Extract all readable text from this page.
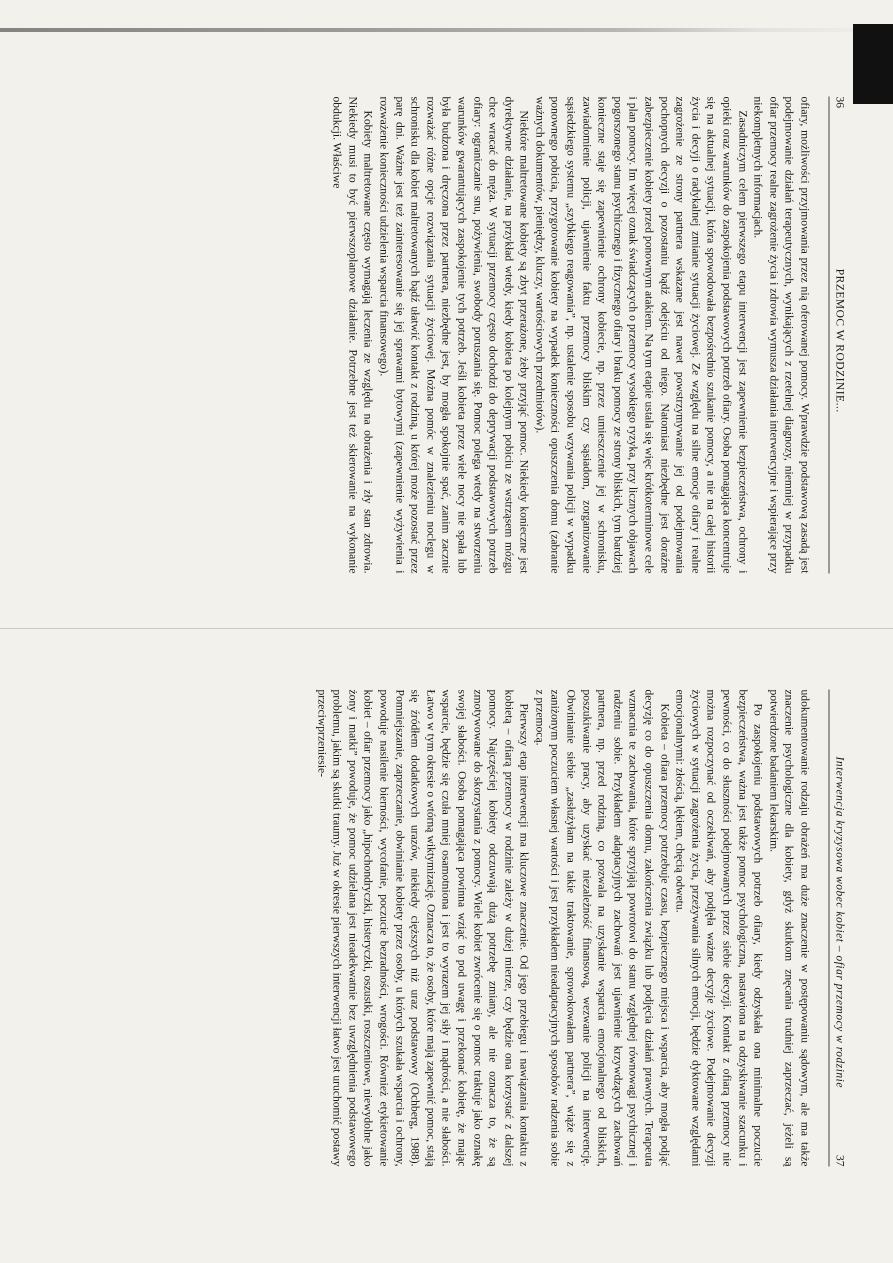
36
PRZEMOC W RODZINIE...

ofiary, możliwości przyjmowania przez nią oferowanej pomocy. Wprawdzie podstawową zasadą jest podejmowanie działań terapeutycznych, wynikających z rzetelnej diagnozy, niemniej w przypadku ofiar przemocy realne zagrożenie życia i zdrowia wymusza działania interwencyjne i wspierające przy niekompletnych informacjach.

Zasadniczym celem pierwszego etapu interwencji jest zapewnienie bezpieczeństwa, ochrony i opieki oraz warunków do zaspokojenia podstawowych potrzeb ofiary. Osoba pomagająca koncentruje się na aktualnej sytuacji, która spowodowała bezpośrednio szukanie pomocy, a nie na całej historii życia i decyji o radykalnej zmianie sytuacji życiowej. Ze względu na silne emocje ofiary i realne zagrożenie ze strony partnera wskazane jest nawet powstrzymywanie jej od podejmowania pochopnych decyzji o pozostaniu bądź odejściu od niego. Natomiast niezbędne jest doraźne zabezpieczenie kobiety przed ponownym atakiem. Na tym etapie ustala się więc krótkoterminowe cele i plan pomocy. Im więcej oznak świadczących o przemocy wysokiego ryzyka, przy licznych objawach pogorszonego stanu psychicznego i fizycznego ofiary i braku pomocy ze strony bliskich, tym bardziej konieczne staje się zapewnienie ochrony kobiecie, np. przez umieszczenie jej w schronisku, zawiadomienie policji, ujawnienie faktu przemocy bliskim czy sąsiadom, zorganizowanie sąsiedzkiego systemu „szybkiego reagowania”, np. ustalenie sposobu wzywania policji w wypadku ponownego pobicia, przygotowanie kobiety na wypadek konieczności opuszczenia domu (zabranie ważnych dokumentów, pieniędzy, kluczy, wartościowych przedmiotów).

Niektóre maltretowane kobiety są zbyt przerażone, żeby przyjąć pomoc. Niekiedy konieczne jest dyrektywne działanie, na przykład wtedy, kiedy kobieta po kolejnym pobiciu ze wstrząsem mózgu chce wracać do męża. W sytuacji przemocy często dochodzi do deprywacji podstawowych potrzeb ofiary: ograniczanie snu, pożywienia, swobody poruszania się. Pomoc polega wtedy na stworzeniu warunków gwarantujących zaspokojenie tych potrzeb. Jeśli kobieta przez wiele nocy nie spała lub była budzona i dręczona przez partnera, niezbędne jest, by mogła spokojnie spać, zanim zacznie rozważać różne opcje rozwiązania sytuacji życiowej. Można pomóc w znalezieniu noclegu w schronisku dla kobiet maltretowanych bądź ułatwić kontakt z rodziną, u której może pozostać przez parę dni. Ważne jest też zainteresowanie się jej sprawami bytowymi (zapewnienie wyżywienia i rozważenie konieczności udzielenia wsparcia finansowego).

Kobiety maltretowane często wymagają leczenia ze względu na obrażenia i zły stan zdrowia. Niekiedy musi to być pierwszoplanowe działanie. Potrzebne jest też skierowanie na wykonanie obdukcji. Właściwe

Interwencja kryzysowa wobec kobiet – ofiar przemocy w rodzinie
37

udokumentowanie rodzaju obrażeń ma duże znaczenie w postępowaniu sądowym, ale ma także znaczenie psychologiczne dla kobiety, gdyż skutkom znęcania trudniej zaprzeczać, jeżeli są potwierdzone badaniem lekarskim.

Po zaspokojeniu podstawowych potrzeb ofiary, kiedy odzyskała ona minimalne poczucie bezpieczeństwa, ważna jest także pomoc psychologiczna, nastawiona na odzyskiwanie szacunku i pewności, co do słuszności podejmowanych przez siebie decyzji. Kontakt z ofiarą przemocy nie można rozpoczynać od oczekiwań, aby podjęła ważne decyzje życiowe. Podejmowanie decyzji życiowych w sytuacji zagrożenia życia, przeżywania silnych emocji, będzie dyktowane względami emocjonalnymi: złością, lękiem, chęcią odwetu.

Kobieta – ofiara przemocy potrzebuje czasu, bezpiecznego miejsca i wsparcia, aby mogła podjąć decyzję co do opuszczenia domu, zakończenia związku lub podjęcia działań prawnych. Terapeuta wzmacnia te zachowania, które sprzyjają powrotowi do stanu względnej równowagi psychicznej i radzeniu sobie. Przykładem adaptacyjnych zachowań jest ujawnienie krzywdzących zachowań partnera, np. przed rodziną, co pozwala na uzyskanie wsparcia emocjonalnego od bliskich, poszukiwanie pracy, aby uzyskać niezależność finansową, wezwanie policji na interwencję. Obwinianie siebie „zasłużyłam na takie traktowanie, sprowokowałam partnera”, wiąże się z zaniżonym poczuciem własnej wartości i jest przykładem nieadaptacyjnych sposobów radzenia sobie z przemocą.

Pierwszy etap interwencji ma kluczowe znaczenie. Od jego przebiegu i nawiązania kontaktu z kobietą – ofiarą przemocy w rodzinie zależy w dużej mierze, czy będzie ona korzystać z dalszej pomocy. Najczęściej kobiety odczuwają dużą potrzebę zmiany, ale nie oznacza to, że są zmotywowane do skorzystania z pomocy. Wiele kobiet zwrócenie się o pomoc traktuje jako oznakę swojej słabości. Osoba pomagająca powinna wziąć to pod uwagę i przekonać kobietę, że mając wsparcie, będzie się czuła mniej osamotniona i jest to wyrazem jej siły i mądrości, a nie słabości. Łatwo w tym okresie o wtórną wiktymizację. Oznacza to, że osoby, które mają zapewnić pomoc, stają się źródłem dodatkowych urazów, niekiedy cięższych niż uraz podstawowy (Ochberg, 1988). Pomniejszanie, zaprzeczanie, obwinianie kobiety przez osoby, u których szukała wsparcia i ochrony, powoduje nasilenie bierności, wycofanie, poczucie bezradności, wrogości. Również etykietowanie kobiet – ofiar przemocy jako „hipochondryczki, histeryczki, oszustki, roszczeniowe, niewydolne jako żony i matki” powoduje, że pomoc udzielana jest nieadekwatnie bez uwzględnienia podstawowego problemu, jakim są skutki traumy. Już w okresie pierwszych interwencji łatwo jest uruchomić postawy przeciwprzeniesie-
